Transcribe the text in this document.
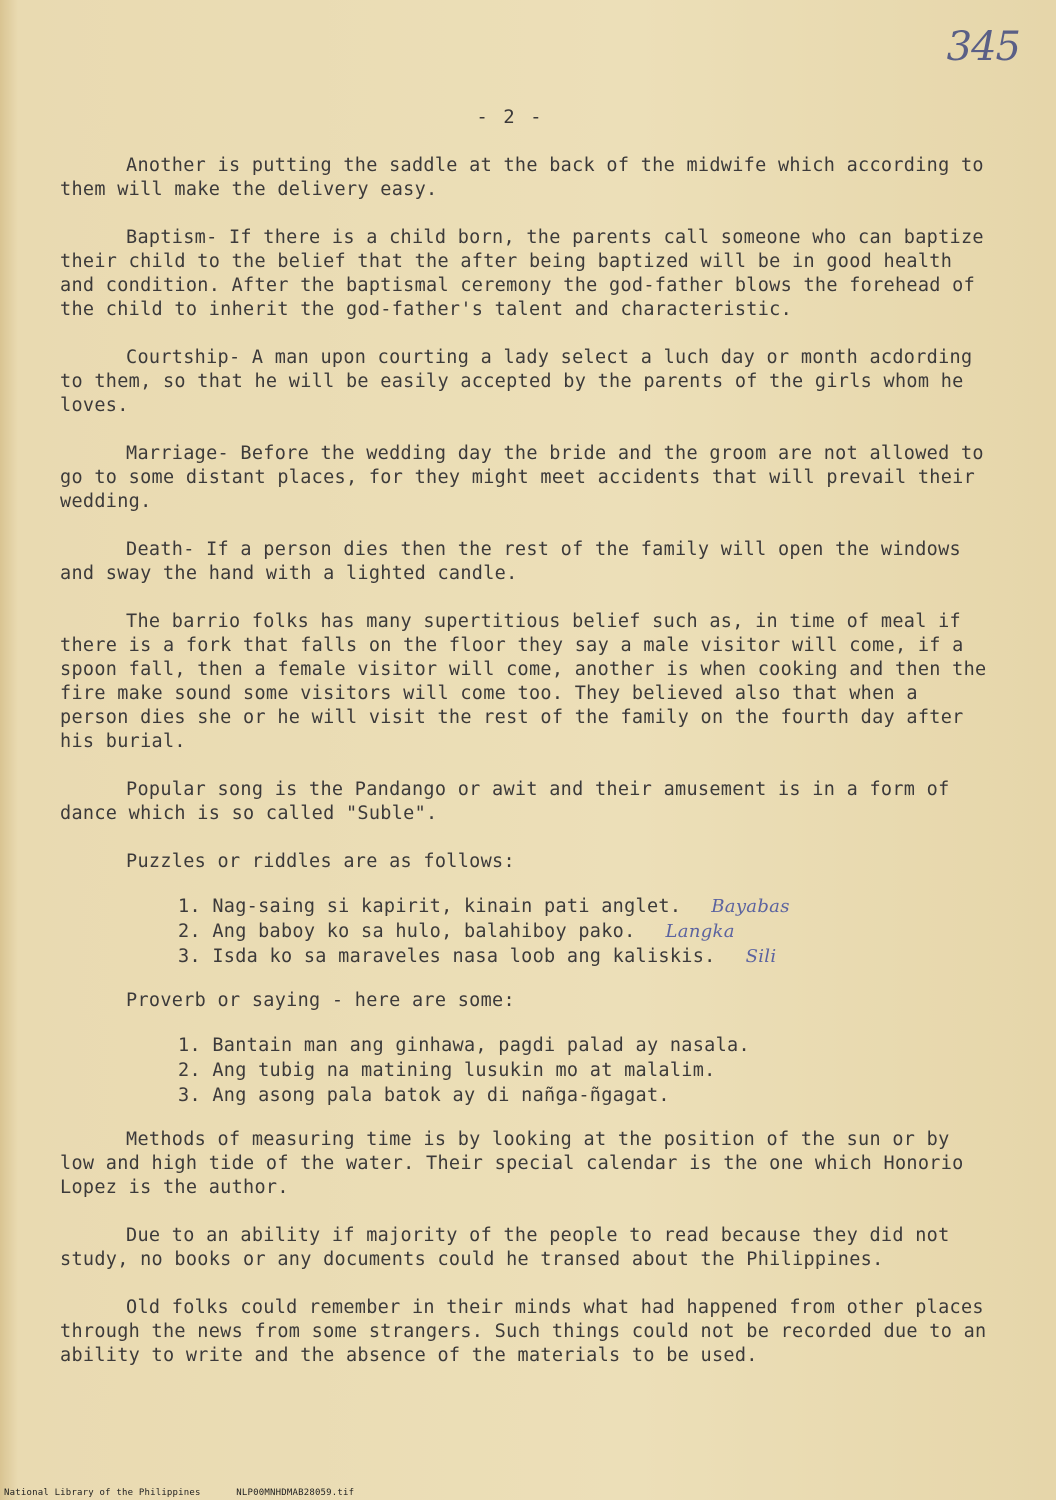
345
- 2 -

Another is putting the saddle at the back of the midwife which according to them will make the delivery easy.

Baptism- If there is a child born, the parents call someone who can baptize their child to the belief that the after being baptized will be in good health and condition. After the baptismal ceremony the god-father blows the forehead of the child to inherit the god-father's talent and characteristic.

Courtship- A man upon courting a lady select a luch day or month acdording to them, so that he will be easily accepted by the parents of the girls whom he loves.

Marriage- Before the wedding day the bride and the groom are not allowed to go to some distant places, for they might meet accidents that will prevail their wedding.

Death- If a person dies then the rest of the family will open the windows and sway the hand with a lighted candle.

The barrio folks has many supertitious belief such as, in time of meal if there is a fork that falls on the floor they say a male visitor will come, if a spoon fall, then a female visitor will come, another is when cooking and then the fire make sound some visitors will come too. They believed also that when a person dies she or he will visit the rest of the family on the fourth day after his burial.

Popular song is the Pandango or awit and their amusement is in a form of dance which is so called "Suble".

Puzzles or riddles are as follows:

1. Nag-saing si kapirit, kinain pati anglet. Bayabas
2. Ang baboy ko sa hulo, balahiboy pako. Langka
3. Isda ko sa maraveles nasa loob ang kaliskis. Sili

Proverb or saying - here are some:

1. Bantain man ang ginhawa, pagdi palad ay nasala.
2. Ang tubig na matining lusukin mo at malalim.
3. Ang asong pala batok ay di nañga-ñgagat.

Methods of measuring time is by looking at the position of the sun or by low and high tide of the water. Their special calendar is the one which Honorio Lopez is the author.

Due to an ability if majority of the people to read because they did not study, no books or any documents could he transed about the Philippines.

Old folks could remember in their minds what had happened from other places through the news from some strangers. Such things could not be recorded due to an ability to write and the absence of the materials to be used.

National Library of the Philippines	NLP00MNHDMAB28059.tif
